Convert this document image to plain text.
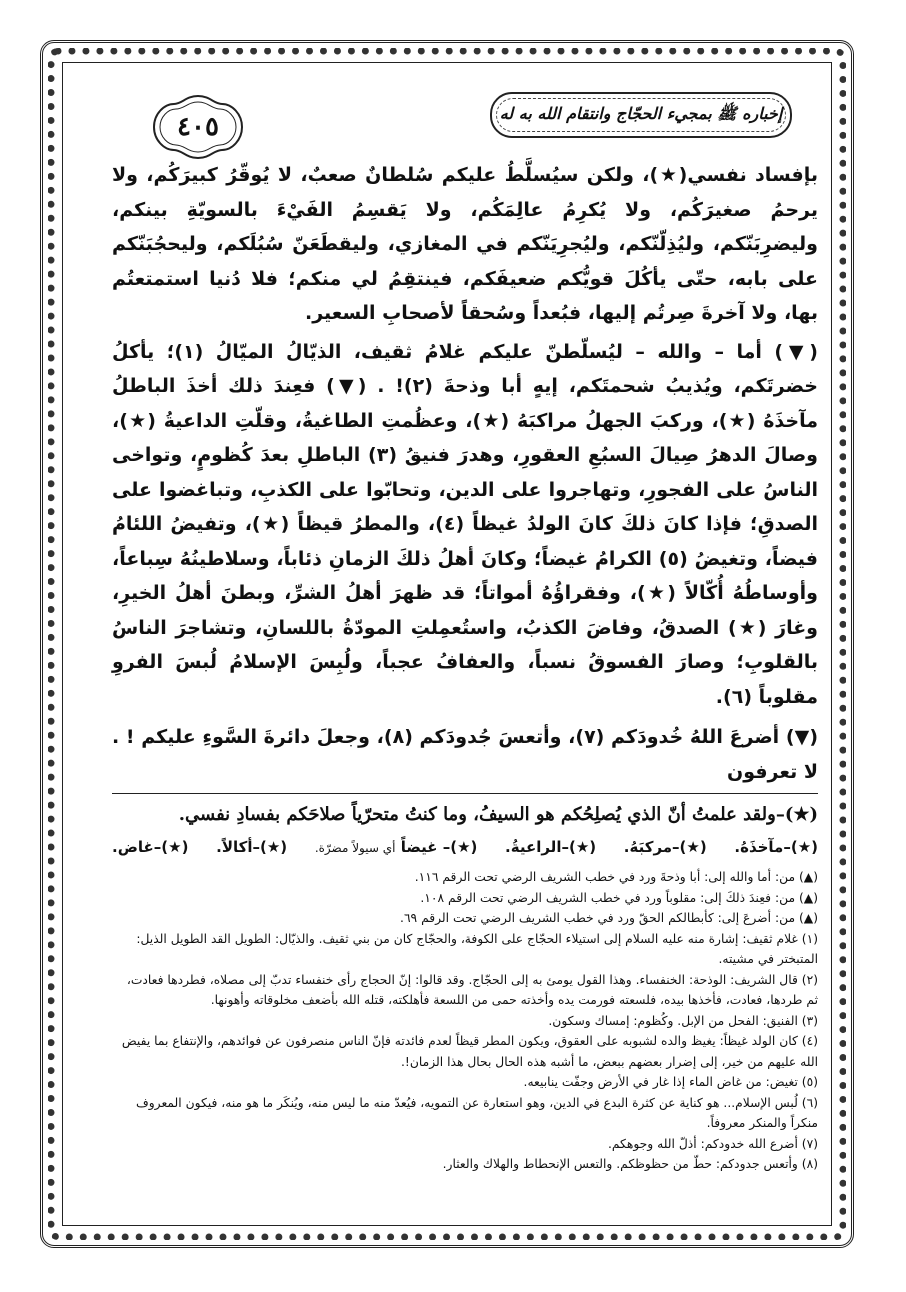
إخباره ﷺ بمجيء الحجّاج وانتقام الله به له
٤٠٥

بإفساد نفسي(★)، ولكن سيُسلَّطُ عليكم سُلطانٌ صعبٌ، لا يُوقّرُ كبيرَكُم، ولا يرحمُ صغيرَكُم، ولا يُكرِمُ عالِمَكُم، ولا يَقسِمُ الفَيْءَ بالسويّةِ بينكم، وليضرِبَنّكم، وليُذِلّنّكم، وليُجرِيَنّكم في المغازي، وليقطَعَنّ سُبُلَكم، وليحجُبَنّكم على بابه، حتّى يأكُلَ قويُّكم ضعيفَكم، فينتقِمُ لي منكم؛ فلا دُنيا استمتعتُم بها، ولا آخرةَ صِرتُم إليها، فبُعداً وسُحقاً لأصحابِ السعير.

(▼) أما – والله – ليُسلّطنّ عليكم غلامُ ثقيف، الذيّالُ الميّالُ (١)؛ يأكلُ خضرتَكم، ويُذيبُ شحمتَكم، إيهٍ أبا وذحةَ (٢)! . (▼) فعِندَ ذلك أخذَ الباطلُ مآخذَهُ (★)، وركبَ الجهلُ مراكبَهُ (★)، وعظُمتِ الطاغيةُ، وقلّتِ الداعيةُ (★)، وصالَ الدهرُ صِيالَ السبُعِ العقورِ، وهدرَ فنيقُ (٣) الباطلِ بعدَ كُظومٍ، وتواخى الناسُ على الفجورِ، وتهاجروا على الدين، وتحابّوا على الكذبِ، وتباغضوا على الصدقِ؛ فإذا كانَ ذلكَ كانَ الولدُ غيظاً (٤)، والمطرُ قيظاً (★)، وتفيضُ اللئامُ فيضاً، وتغيضُ (٥) الكرامُ غيضاً؛ وكانَ أهلُ ذلكَ الزمانِ ذئاباً، وسلاطينُهُ سِباعاً، وأوساطُهُ أُكّالاً (★)، وفقراؤُهُ أمواتاً؛ قد ظهرَ أهلُ الشرِّ، وبطنَ أهلُ الخيرِ، وغارَ (★) الصدقُ، وفاضَ الكذبُ، واستُعمِلتِ المودّةُ باللسانِ، وتشاجرَ الناسُ بالقلوبِ؛ وصارَ الفسوقُ نسباً، والعفافُ عجباً، ولُبِسَ الإسلامُ لُبسَ الفروِ مقلوباً (٦).

(▼) أضرعَ اللهُ خُدودَكم (٧)، وأتعسَ جُدودَكم (٨)، وجعلَ دائرةَ السَّوءِ عليكم ! . لا تعرفون

(★)–ولقد علمتُ أنّ الذي يُصلِحُكم هو السيفُ، وما كنتُ متحرّياً صلاحَكم بفسادِ نفسي.

(★)–مآخذَهُ.
(★)–مركبَهُ.
(★)–الراعيةُ.
(★)– غيضاً أي سيولاً مضرّة.
(★)–أكالاً.
(★)–غاض.

(▲) من: أما والله إلى: أبا وذحةَ ورد في خطب الشريف الرضي تحت الرقم ١١٦.

(▲) من: فعِندَ ذلكَ إلى: مقلوباً ورد في خطب الشريف الرضي تحت الرقم ١٠٨.

(▲) من: أضرعَ إلى: كأبطالكم الحقّ ورد في خطب الشريف الرضي تحت الرقم ٦٩.

(١) غلام ثقيف: إشارة منه عليه السلام إلى استيلاء الحجّاج على الكوفة، والحجّاج كان من بني ثقيف. والذيّال: الطويل القد الطويل الذيل: المتبختر في مشيته.

(٢) قال الشريف: الوذحة: الخنفساء. وهذا القول يومئ به إلى الحجّاج. وقد قالوا: إنّ الحجاج رأى خنفساء تدبّ إلى مصلاه، فطردها فعادت، ثم طردها، فعادت، فأخذها بيده، فلسعته فورمت يده وأخذته حمى من اللسعة فأهلكته، قتله الله بأضعف مخلوقاته وأهونها.

(٣) الفنيق: الفحل من الإبل. وكُظوم: إمساك وسكون.

(٤) كان الولد غيظاً: يغيظ والده لشبوبه على العقوق، ويكون المطر قيظاً لعدم فائدته فإنّ الناس منصرفون عن فوائدهم، والإنتفاع بما يفيض الله عليهم من خير، إلى إضرار بعضهم ببعض، ما أشبه هذه الحال بحال هذا الزمان!.

(٥) تغيض: من غاض الماء إذا غار في الأرض وجفّت ينابيعه.

(٦) لُبس الإسلام... هو كناية عن كثرة البدع في الدين، وهو استعارة عن التمويه، فيُعدّ منه ما ليس منه، ويُنكَر ما هو منه، فيكون المعروف منكراً والمنكر معروفاً.

(٧) أضرع الله خدودكم: أذلّ الله وجوهكم.

(٨) وأتعس جدودكم: حطّ من حظوظكم. والتعس الإنحطاط والهلاك والعثار.
